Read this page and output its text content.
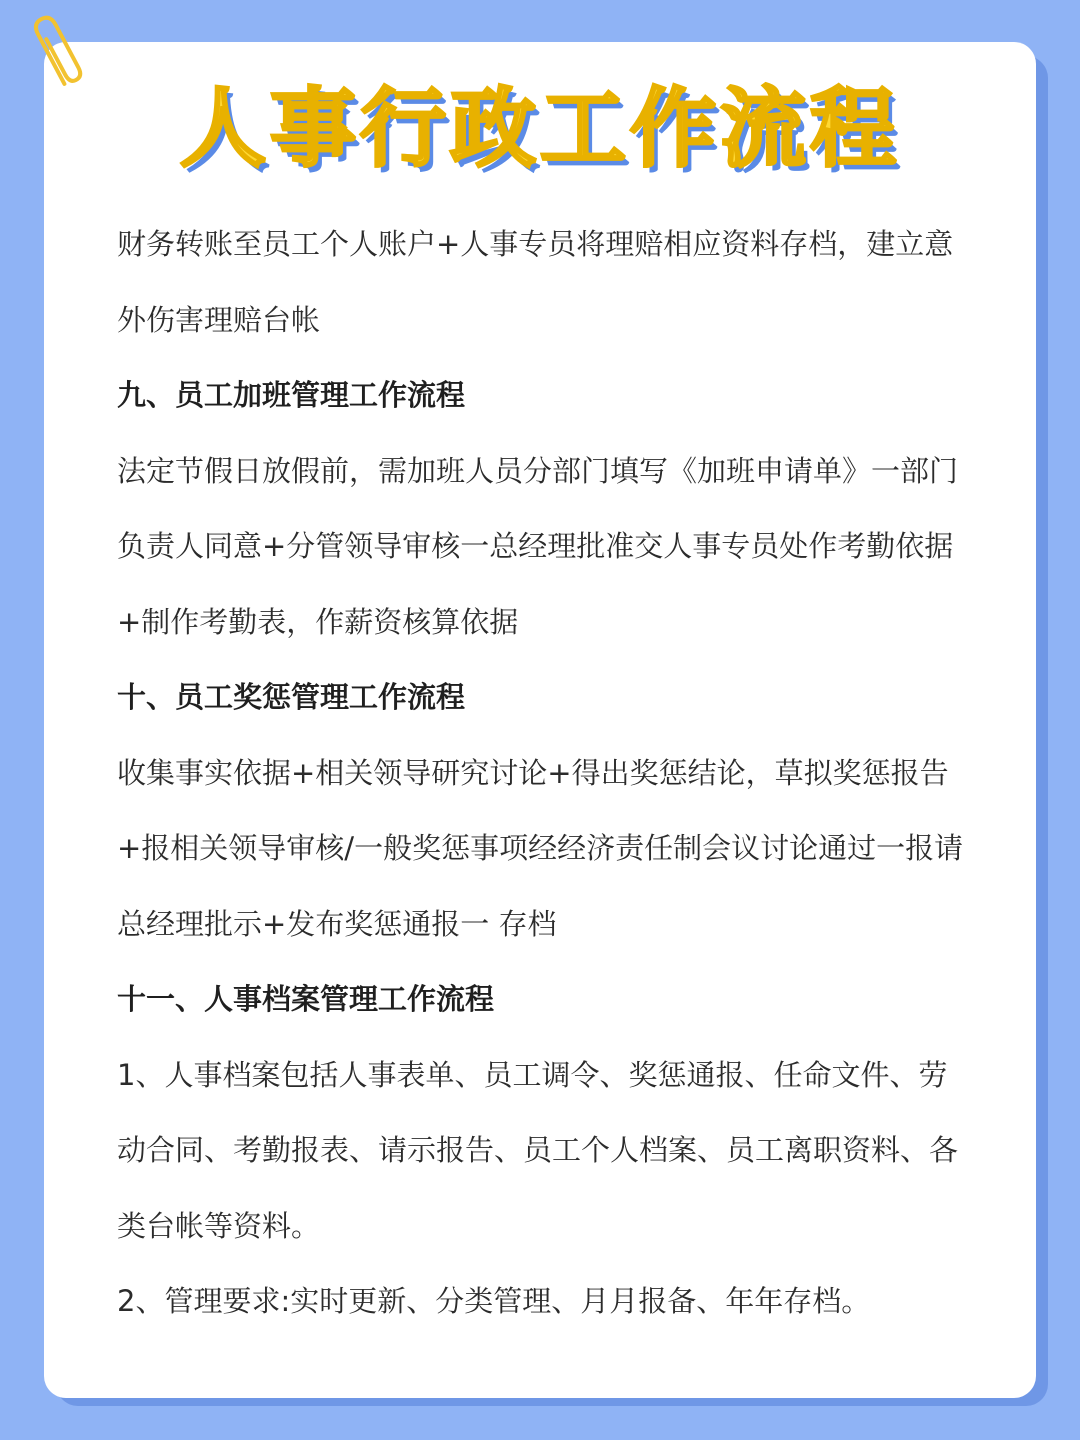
人事行政工作流程

财务转账至员工个人账户+人事专员将理赔相应资料存档，建立意外伤害理赔台帐

九、员工加班管理工作流程

法定节假日放假前，需加班人员分部门填写《加班申请单》一部门负责人同意+分管领导审核一总经理批准交人事专员处作考勤依据+制作考勤表，作薪资核算依据

十、员工奖惩管理工作流程

收集事实依据+相关领导研究讨论+得出奖惩结论，草拟奖惩报告+报相关领导审核/一般奖惩事项经经济责任制会议讨论通过一报请总经理批示+发布奖惩通报一 存档

十一、人事档案管理工作流程

1、人事档案包括人事表单、员工调令、奖惩通报、任命文件、劳动合同、考勤报表、请示报告、员工个人档案、员工离职资料、各类台帐等资料。

2、管理要求:实时更新、分类管理、月月报备、年年存档。
